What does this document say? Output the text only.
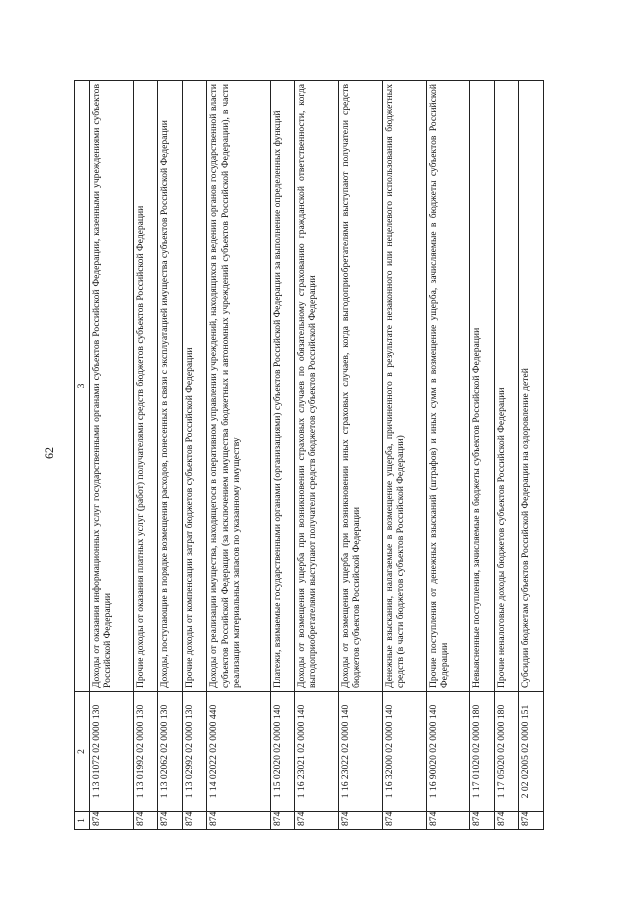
62
1	2	3
874	1 13 01072 02 0000 130	Доходы от оказания информационных услуг государственными органами субъектов Российской Федерации, казенными учреждениями субъектов Российской Федерации
874	1 13 01992 02 0000 130	Прочие доходы от оказания платных услуг (работ) получателями средств бюджетов субъектов Российской Федерации
874	1 13 02062 02 0000 130	Доходы, поступающие в порядке возмещения расходов, понесенных в связи с эксплуатацией имущества субъектов Российской Федерации
874	1 13 02992 02 0000 130	Прочие доходы от компенсации затрат бюджетов субъектов Российской Федерации
874	1 14 02022 02 0000 440	Доходы от реализации имущества, находящегося в оперативном управлении учреждений, находящихся в ведении органов государственной власти субъектов Российской Федерации (за исключением имущества бюджетных и автономных учреждений субъектов Российской Федерации), в части реализации материальных запасов по указанному имуществу
874	1 15 02020 02 0000 140	Платежи, взимаемые государственными органами (организациями) субъектов Российской Федерации за выполнение определенных функций
874	1 16 23021 02 0000 140	Доходы от возмещения ущерба при возникновении страховых случаев по обязательному страхованию гражданской ответственности, когда выгодоприобретателями выступают получатели средств бюджетов субъектов Российской Федерации
874	1 16 23022 02 0000 140	Доходы от возмещения ущерба при возникновении иных страховых случаев, когда выгодоприобретателями выступают получатели средств бюджетов субъектов Российской Федерации
874	1 16 32000 02 0000 140	Денежные взыскания, налагаемые в возмещение ущерба, причиненного в результате незаконного или нецелевого использования бюджетных средств (в части бюджетов субъектов Российской Федерации)
874	1 16 90020 02 0000 140	Прочие поступления от денежных взысканий (штрафов) и иных сумм в возмещение ущерба, зачисляемые в бюджеты субъектов Российской Федерации
874	1 17 01020 02 0000 180	Невыясненные поступления, зачисляемые в бюджеты субъектов Российской Федерации
874	1 17 05020 02 0000 180	Прочие неналоговые доходы бюджетов субъектов Российской Федерации
874	2 02 02005 02 0000 151	Субсидии бюджетам субъектов Российской Федерации на оздоровление детей
